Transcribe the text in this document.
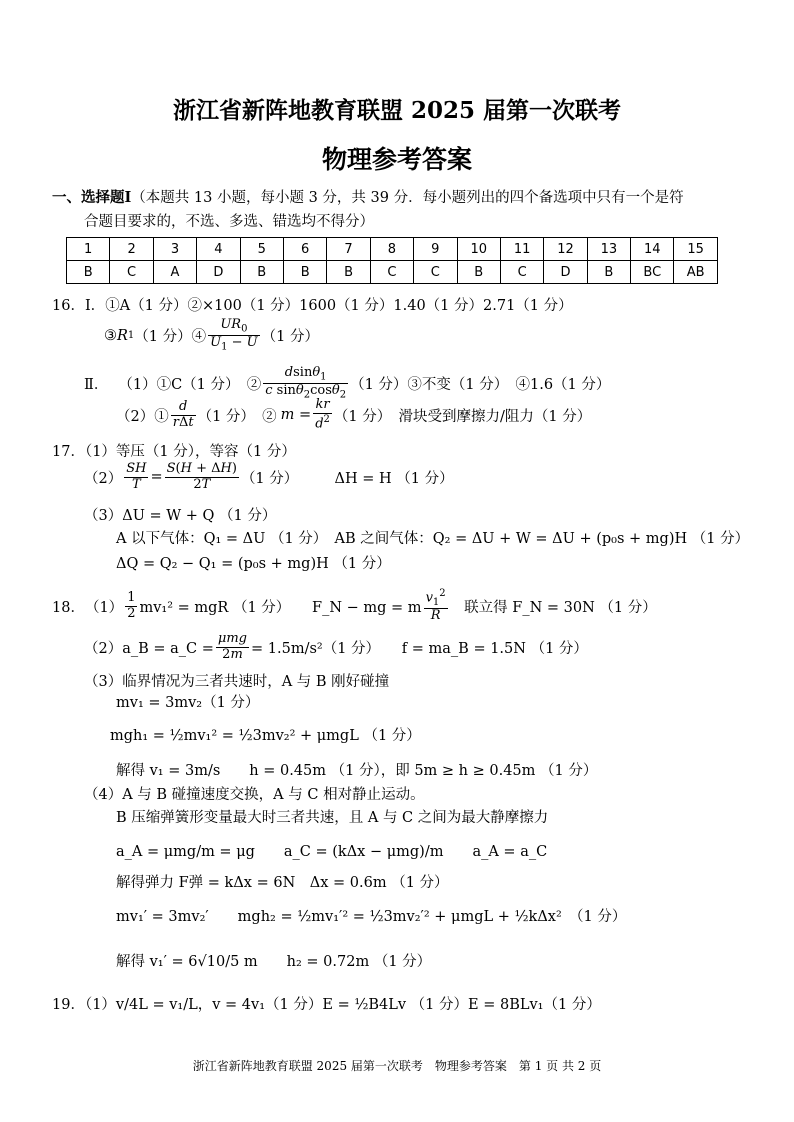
浙江省新阵地教育联盟 2025 届第一次联考
物理参考答案
一、选择题Ⅰ（本题共 13 小题，每小题 3 分，共 39 分．每小题列出的四个备选项中只有一个是符
合题目要求的，不选、多选、错选均不得分）
1	2	3	4	5	6	7	8	9	10	11	12	13	14	15
B	C	A	D	B	B	B	C	C	B	C	D	B	BC	AB
16．Ⅰ．①A（1 分）②×100（1 分）1600（1 分）1.40（1 分）2.71（1 分）
③ R 1 （1 分）④ $\frac{UR_0}{U_1 - U} (1$ 分）
Ⅱ． （1）①C（1 分）　② $\frac{dsin\theta_1}{c \sin\theta_2\cos\theta_2} (1$ 分）③不变（1 分）　④1.6（1 分）
（2）① $\frac{d}{\text{rΔt}} (1$ 分）　② $m = \frac{kr}{d^2} (1$ 分）　滑块受到摩擦力/阻力（1 分）
17．（1）等压（1 分），等容（1 分）
$(2) \frac{SH}{T} = \frac{S(H + \Delta H)}{2T} (1$ 分）　　　ΔH = H （1 分）
（3）ΔU = W + Q （1 分）
A 以下气体：Q₁ = ΔU （1 分）　AB 之间气体：Q₂ = ΔU + W = ΔU + (p₀s + mg)H （1 分）
ΔQ = Q₂ − Q₁ = (p₀s + mg)H （1 分）
18． $(1) \frac{1}{2} mv_1^2$ = mgR （1 分）　　F_N − mg = m $\frac{v_1^2}{R}$ 　联立得 F_N = 30N （1 分）
（2）a_B = a_C = $\frac{\text{μmg}}{2m} = 1.5m/s^2(1$ 分）　　f = ma_B = 1.5N （1 分）
（3）临界情况为三者共速时，A 与 B 刚好碰撞
mv₁ = 3mv₂（1 分）
mgh₁ = ½mv₁² = ½3mv₂² + μmgL （1 分）
解得 v₁ = 3m/s　　h = 0.45m （1 分），即 5m ≥ h ≥ 0.45m （1 分）
（4）A 与 B 碰撞速度交换，A 与 C 相对静止运动。
B 压缩弹簧形变量最大时三者共速，且 A 与 C 之间为最大静摩擦力
a_A = μmg/m = μg　　a_C = (kΔx − μmg)/m　　a_A = a_C
解得弹力 F弹 = kΔx = 6N　Δx = 0.6m （1 分）
mv₁′ = 3mv₂′　　mgh₂ = ½mv₁′² = ½3mv₂′² + μmgL + ½kΔx²　（1 分）
解得 v₁′ = 6√10/5 m　　h₂ = 0.72m （1 分）
19．（1）v/4L = v₁/L，v = 4v₁（1 分）E = ½B4Lv （1 分）E = 8BLv₁（1 分）
浙江省新阵地教育联盟 2025 届第一次联考　物理参考答案　第 1 页 共 2 页
